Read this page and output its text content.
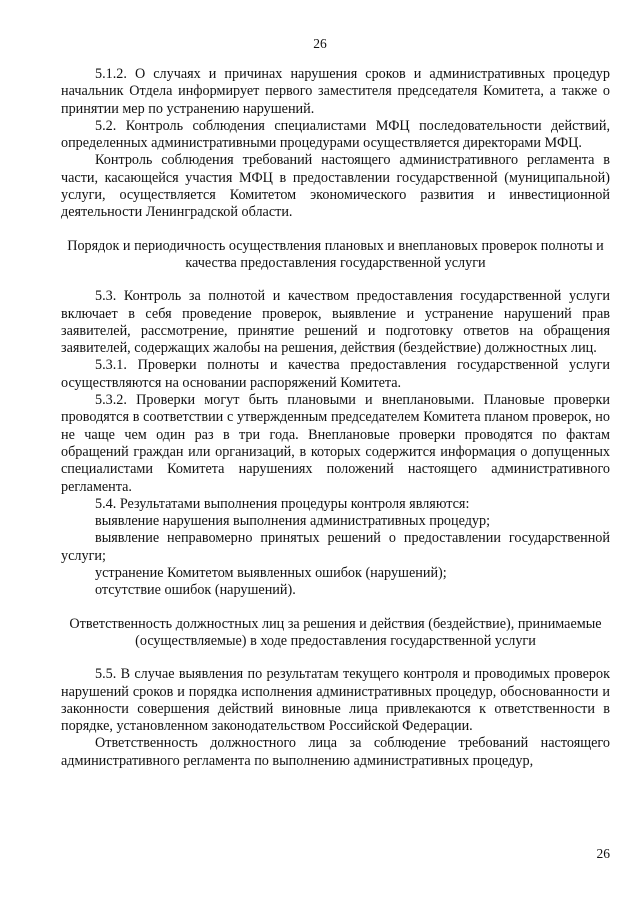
26

5.1.2. О случаях и причинах нарушения сроков и административных процедур начальник Отдела информирует первого заместителя председателя Комитета, а также о принятии мер по устранению нарушений.

5.2. Контроль соблюдения специалистами МФЦ последовательности действий, определенных административными процедурами осуществляется директорами МФЦ.

Контроль соблюдения требований настоящего административного регламента в части, касающейся участия МФЦ в предоставлении государственной (муниципальной) услуги, осуществляется Комитетом экономического развития и инвестиционной деятельности Ленинградской области.

Порядок и периодичность осуществления плановых и внеплановых проверок полноты и качества предоставления государственной услуги

5.3. Контроль за полнотой и качеством предоставления государственной услуги включает в себя проведение проверок, выявление и устранение нарушений прав заявителей, рассмотрение, принятие решений и подготовку ответов на обращения заявителей, содержащих жалобы на решения, действия (бездействие) должностных лиц.

5.3.1. Проверки полноты и качества предоставления государственной услуги осуществляются на основании распоряжений Комитета.

5.3.2. Проверки могут быть плановыми и внеплановыми. Плановые проверки проводятся в соответствии с утвержденным председателем Комитета планом проверок, но не чаще чем один раз в три года. Внеплановые проверки проводятся по фактам обращений граждан или организаций, в которых содержится информация о допущенных специалистами Комитета нарушениях положений настоящего административного регламента.

5.4. Результатами выполнения процедуры контроля являются:

выявление нарушения выполнения административных процедур;

выявление неправомерно принятых решений о предоставлении государственной услуги;

устранение Комитетом выявленных ошибок (нарушений);

отсутствие ошибок (нарушений).

Ответственность должностных лиц за решения и действия (бездействие), принимаемые (осуществляемые) в ходе предоставления государственной услуги

5.5. В случае выявления по результатам текущего контроля и проводимых проверок нарушений сроков и порядка исполнения административных процедур, обоснованности и законности совершения действий виновные лица привлекаются к ответственности в порядке, установленном законодательством Российской Федерации.

Ответственность должностного лица за соблюдение требований настоящего административного регламента по выполнению административных процедур,

26
